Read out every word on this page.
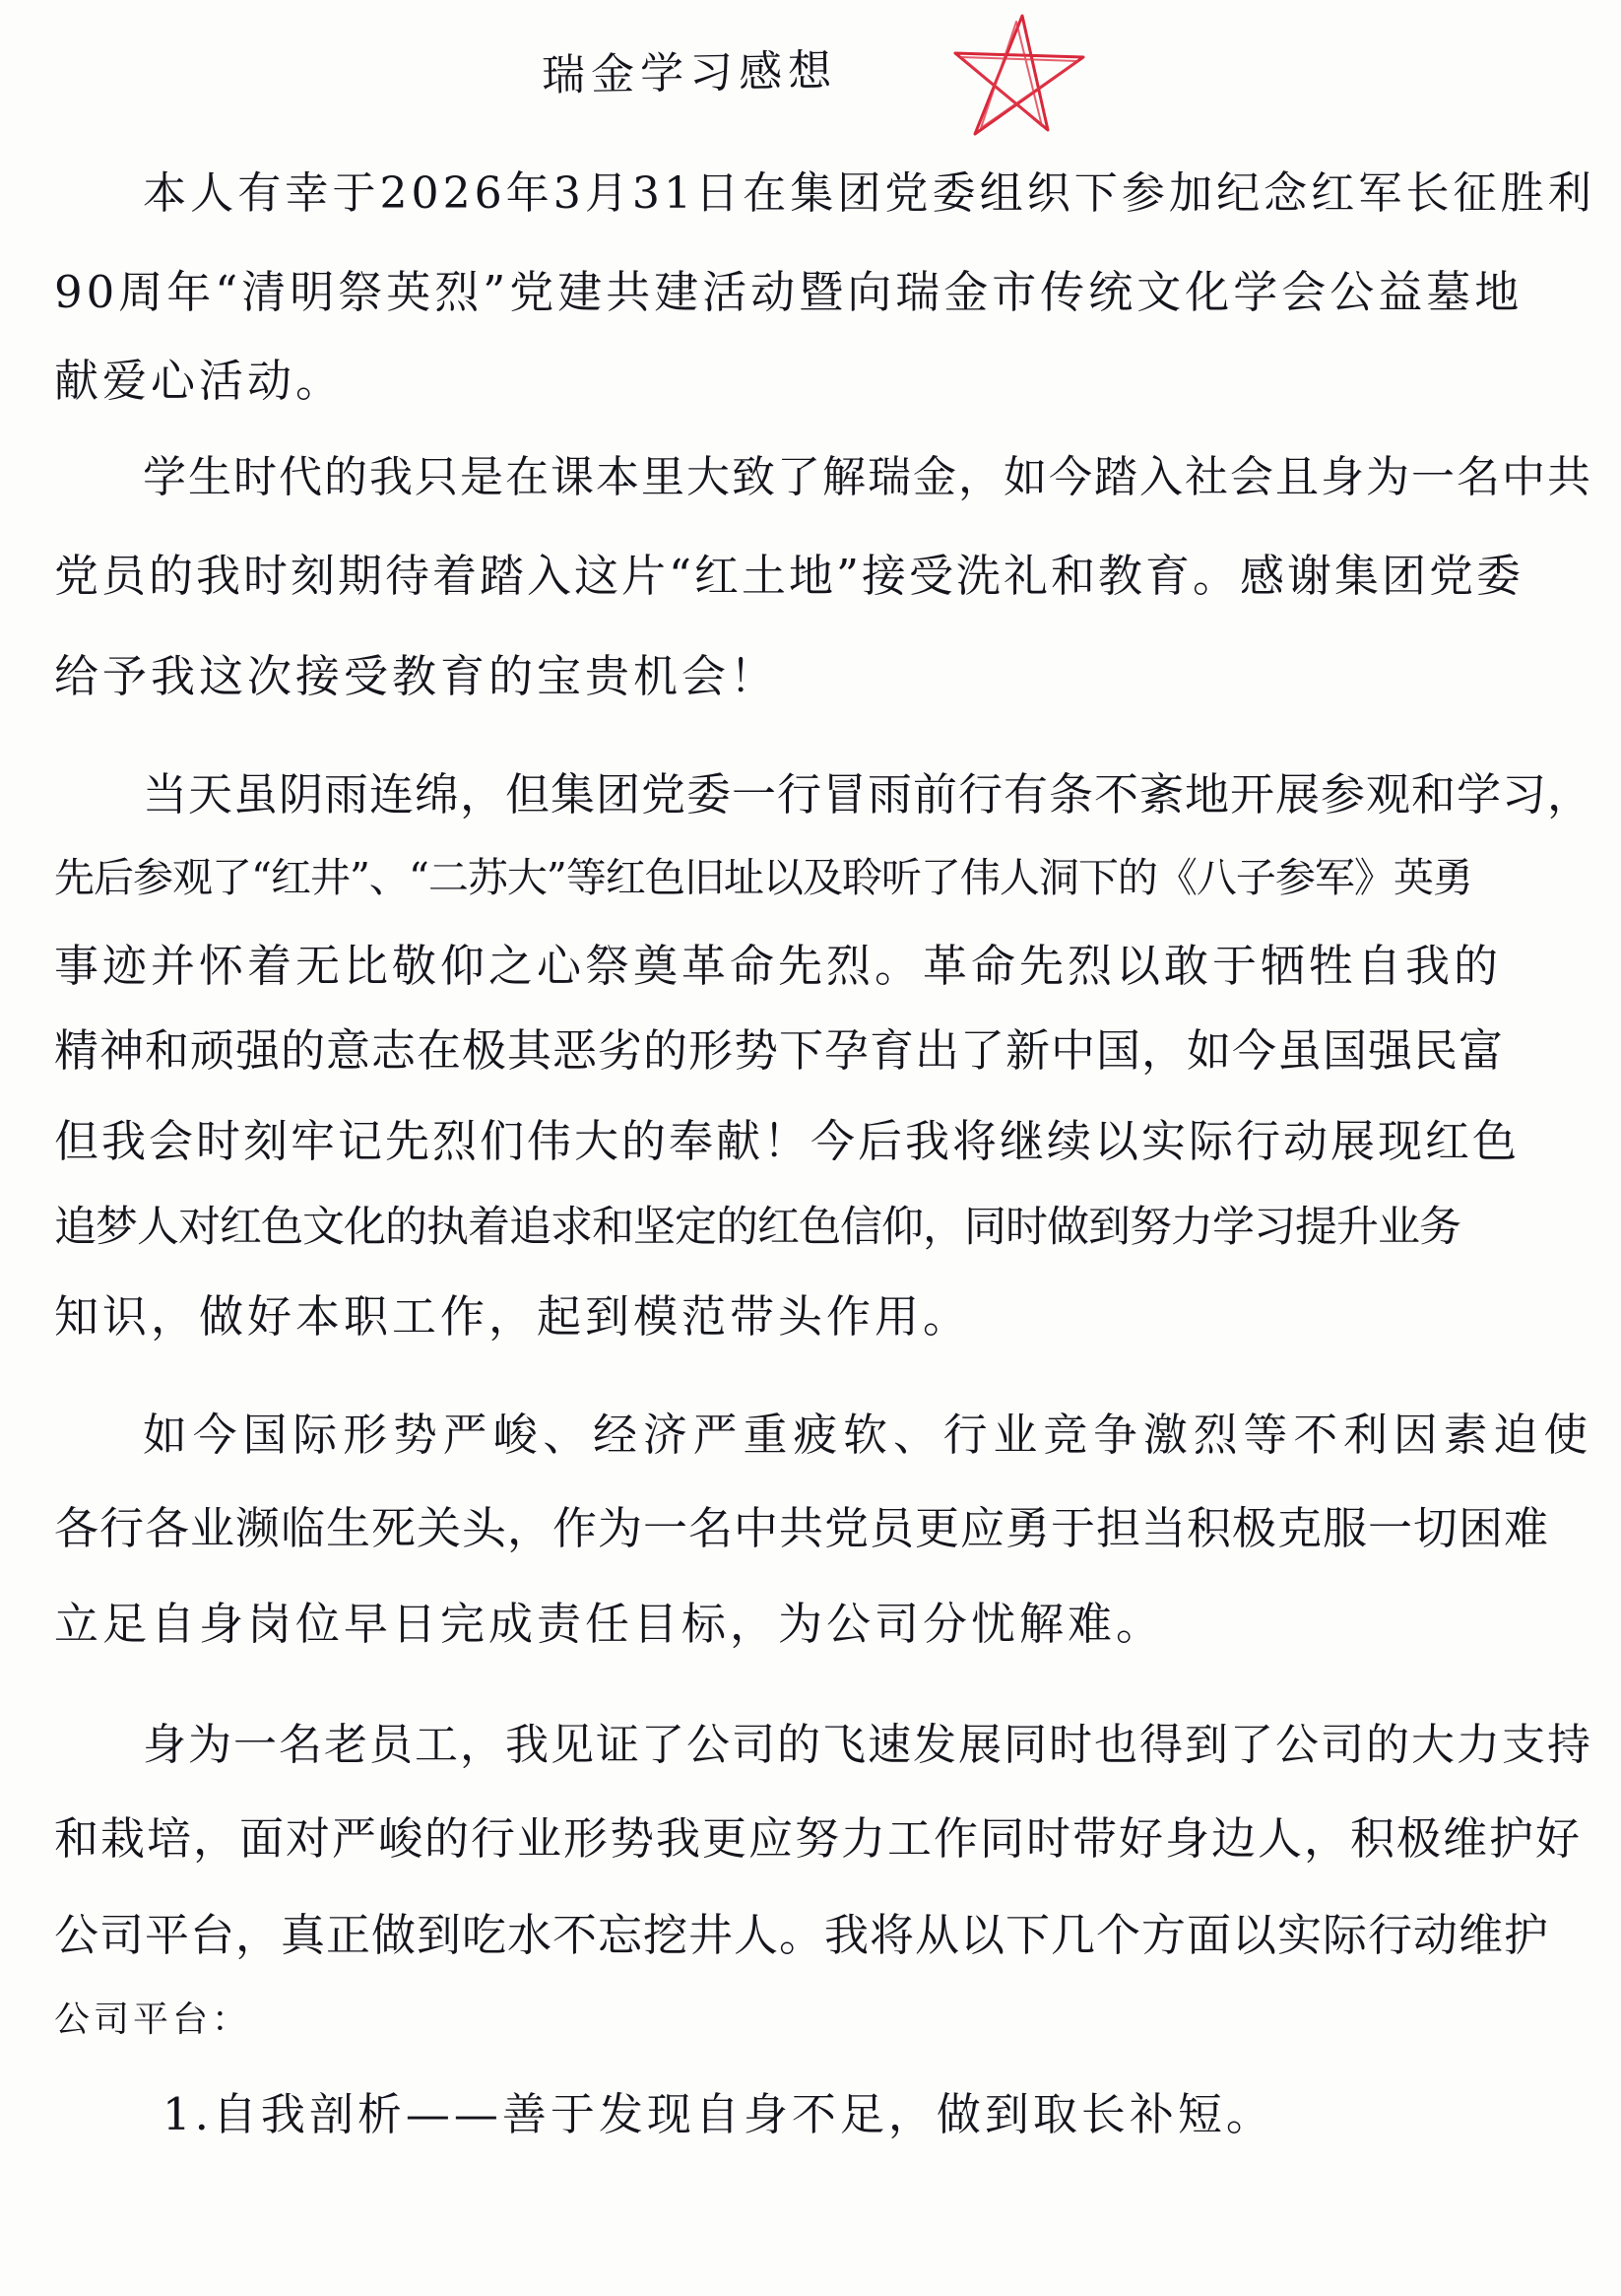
瑞金学习感想
本人有幸于2026年3月31日在集团党委组织下参加纪念红军长征胜利
90周年“清明祭英烈”党建共建活动暨向瑞金市传统文化学会公益墓地
献爱心活动。
学生时代的我只是在课本里大致了解瑞金，如今踏入社会且身为一名中共
党员的我时刻期待着踏入这片“红土地”接受洗礼和教育。感谢集团党委
给予我这次接受教育的宝贵机会！
当天虽阴雨连绵，但集团党委一行冒雨前行有条不紊地开展参观和学习，
先后参观了“红井”、“二苏大”等红色旧址以及聆听了伟人洞下的《八子参军》英勇
事迹并怀着无比敬仰之心祭奠革命先烈。革命先烈以敢于牺牲自我的
精神和顽强的意志在极其恶劣的形势下孕育出了新中国，如今虽国强民富
但我会时刻牢记先烈们伟大的奉献！今后我将继续以实际行动展现红色
追梦人对红色文化的执着追求和坚定的红色信仰，同时做到努力学习提升业务
知识，做好本职工作，起到模范带头作用。
如今国际形势严峻、经济严重疲软、行业竞争激烈等不利因素迫使
各行各业濒临生死关头，作为一名中共党员更应勇于担当积极克服一切困难
立足自身岗位早日完成责任目标，为公司分忧解难。
身为一名老员工，我见证了公司的飞速发展同时也得到了公司的大力支持
和栽培，面对严峻的行业形势我更应努力工作同时带好身边人，积极维护好
公司平台，真正做到吃水不忘挖井人。我将从以下几个方面以实际行动维护
公司平台：
1.自我剖析——善于发现自身不足，做到取长补短。
